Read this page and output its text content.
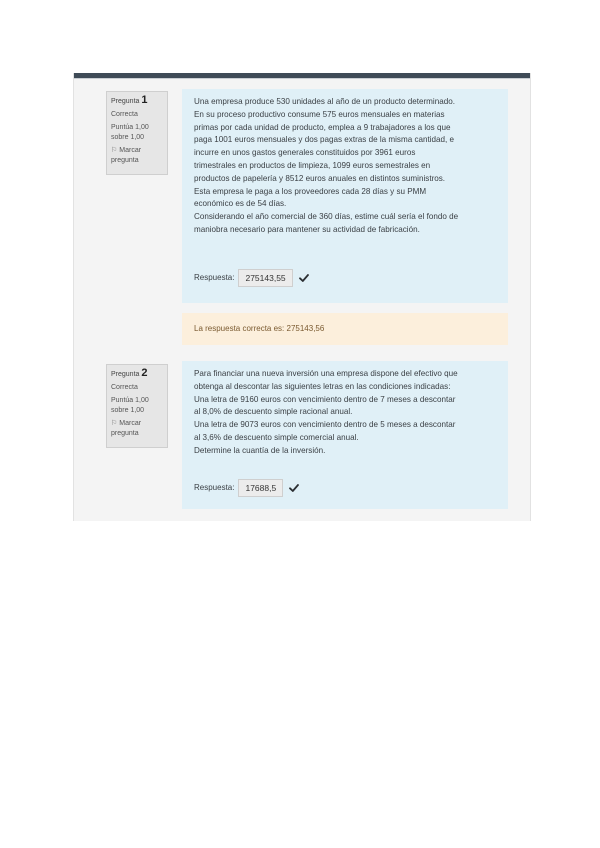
Pregunta 1
Correcta
Puntúa 1,00
sobre 1,00
⚐ Marcar
pregunta

Una empresa produce 530 unidades al año de un producto determinado.

En su proceso productivo consume 575 euros mensuales en materias

primas por cada unidad de producto, emplea a 9 trabajadores a los que

paga 1001 euros mensuales y dos pagas extras de la misma cantidad, e

incurre en unos gastos generales constituidos por 3961 euros

trimestrales en productos de limpieza, 1099 euros semestrales en

productos de papelería y 8512 euros anuales en distintos suministros.

Esta empresa le paga a los proveedores cada 28 días y su PMM

económico es de 54 días.

Considerando el año comercial de 360 días, estime cuál sería el fondo de

maniobra necesario para mantener su actividad de fabricación.

Respuesta:	275143,55
La respuesta correcta es: 275143,56
Pregunta 2
Correcta
Puntúa 1,00
sobre 1,00
⚐ Marcar
pregunta

Para financiar una nueva inversión una empresa dispone del efectivo que

obtenga al descontar las siguientes letras en las condiciones indicadas:

Una letra de 9160 euros con vencimiento dentro de 7 meses a descontar

al 8,0% de descuento simple racional anual.

Una letra de 9073 euros con vencimiento dentro de 5 meses a descontar

al 3,6% de descuento simple comercial anual.

Determine la cuantía de la inversión.

Respuesta:	17688,5
